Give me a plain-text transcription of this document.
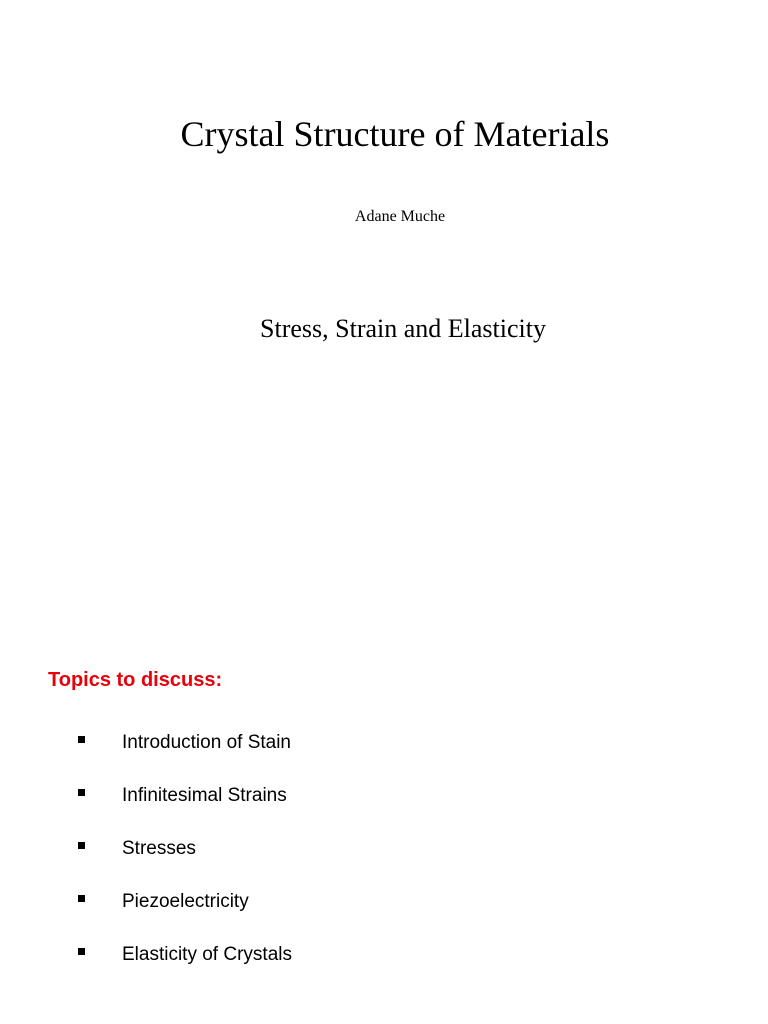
Crystal Structure of Materials
Adane Muche
Stress, Strain and Elasticity
Topics to discuss:
Introduction of Stain
Infinitesimal Strains
Stresses
Piezoelectricity
Elasticity of Crystals
